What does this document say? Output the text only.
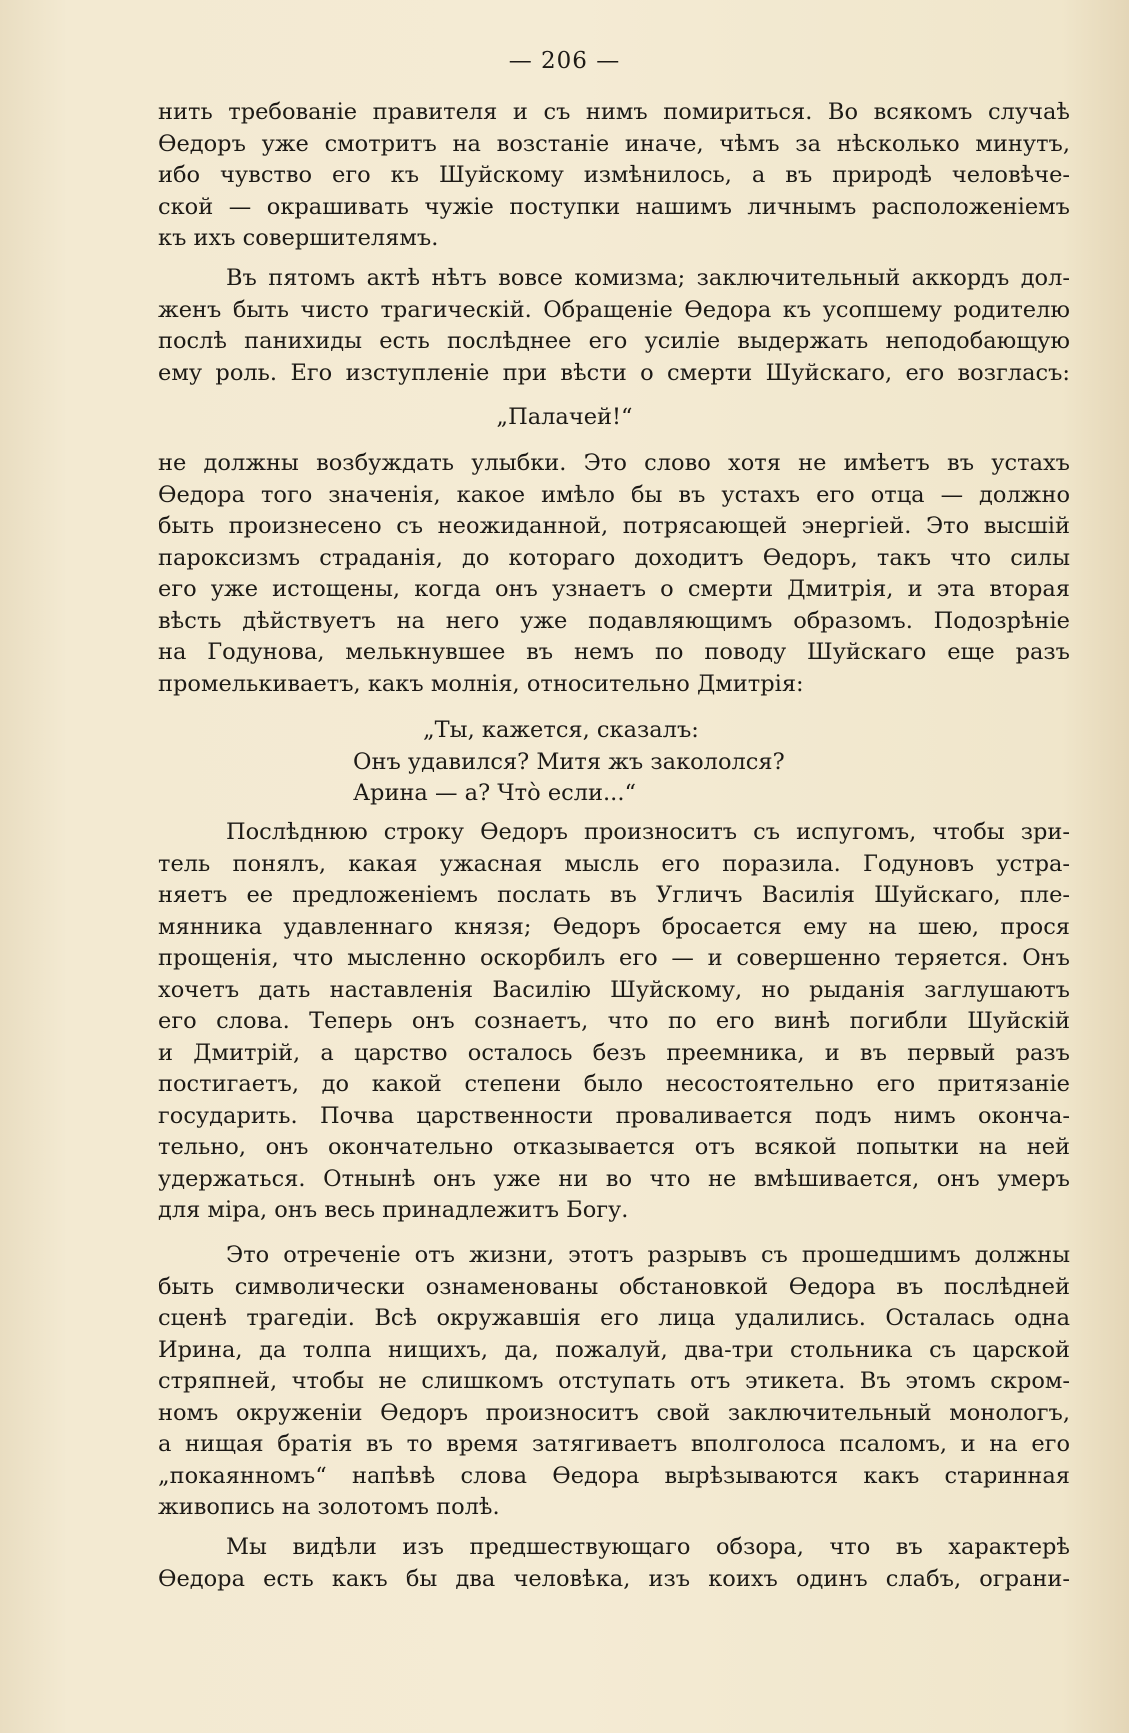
— 206 —
нить требованіе правителя и съ нимъ помириться. Во всякомъ случаѣ
Ѳедоръ уже смотритъ на возстаніе иначе, чѣмъ за нѣсколько минутъ,
ибо чувство его къ Шуйскому измѣнилось, а въ природѣ человѣче-
ской — окрашивать чужіе поступки нашимъ личнымъ расположеніемъ
къ ихъ совершителямъ.
Въ пятомъ актѣ нѣтъ вовсе комизма; заключительный аккордъ дол-
женъ быть чисто трагическій. Обращеніе Ѳедора къ усопшему родителю
послѣ панихиды есть послѣднее его усиліе выдержать неподобающую
ему роль. Его изступленіе при вѣсти о смерти Шуйскаго, его возгласъ:
„Палачей!“
не должны возбуждать улыбки. Это слово хотя не имѣетъ въ устахъ
Ѳедора того значенія, какое имѣло бы въ устахъ его отца — должно
быть произнесено съ неожиданной, потрясающей энергіей. Это высшій
пароксизмъ страданія, до котораго доходитъ Ѳедоръ, такъ что силы
его уже истощены, когда онъ узнаетъ о смерти Дмитрія, и эта вторая
вѣсть дѣйствуетъ на него уже подавляющимъ образомъ. Подозрѣніе
на Годунова, мелькнувшее въ немъ по поводу Шуйскаго еще разъ
промелькиваетъ, какъ молнія, относительно Дмитрія:
„Ты, кажется, сказалъ:
Онъ удавился? Митя жъ закололся?
Арина — а? Что̀ если...“
Послѣднюю строку Ѳедоръ произноситъ съ испугомъ, чтобы зри-
тель понялъ, какая ужасная мысль его поразила. Годуновъ устра-
няетъ ее предложеніемъ послать въ Угличъ Василія Шуйскаго, пле-
мянника удавленнаго князя; Ѳедоръ бросается ему на шею, прося
прощенія, что мысленно оскорбилъ его — и совершенно теряется. Онъ
хочетъ дать наставленія Василію Шуйскому, но рыданія заглушаютъ
его слова. Теперь онъ сознаетъ, что по его винѣ погибли Шуйскій
и Дмитрій, а царство осталось безъ преемника, и въ первый разъ
постигаетъ, до какой степени было несостоятельно его притязаніе
государить. Почва царственности проваливается подъ нимъ оконча-
тельно, онъ окончательно отказывается отъ всякой попытки на ней
удержаться. Отнынѣ онъ уже ни во что не вмѣшивается, онъ умеръ
для міра, онъ весь принадлежитъ Богу.
Это отреченіе отъ жизни, этотъ разрывъ съ прошедшимъ должны
быть символически ознаменованы обстановкой Ѳедора въ послѣдней
сценѣ трагедіи. Всѣ окружавшія его лица удалились. Осталась одна
Ирина, да толпа нищихъ, да, пожалуй, два-три стольника съ царской
стряпней, чтобы не слишкомъ отступать отъ этикета. Въ этомъ скром-
номъ окруженіи Ѳедоръ произноситъ свой заключительный монологъ,
а нищая братія въ то время затягиваетъ вполголоса псаломъ, и на его
„покаянномъ“ напѣвѣ слова Ѳедора вырѣзываются какъ старинная
живопись на золотомъ полѣ.
Мы видѣли изъ предшествующаго обзора, что въ характерѣ
Ѳедора есть какъ бы два человѣка, изъ коихъ одинъ слабъ, ограни-
